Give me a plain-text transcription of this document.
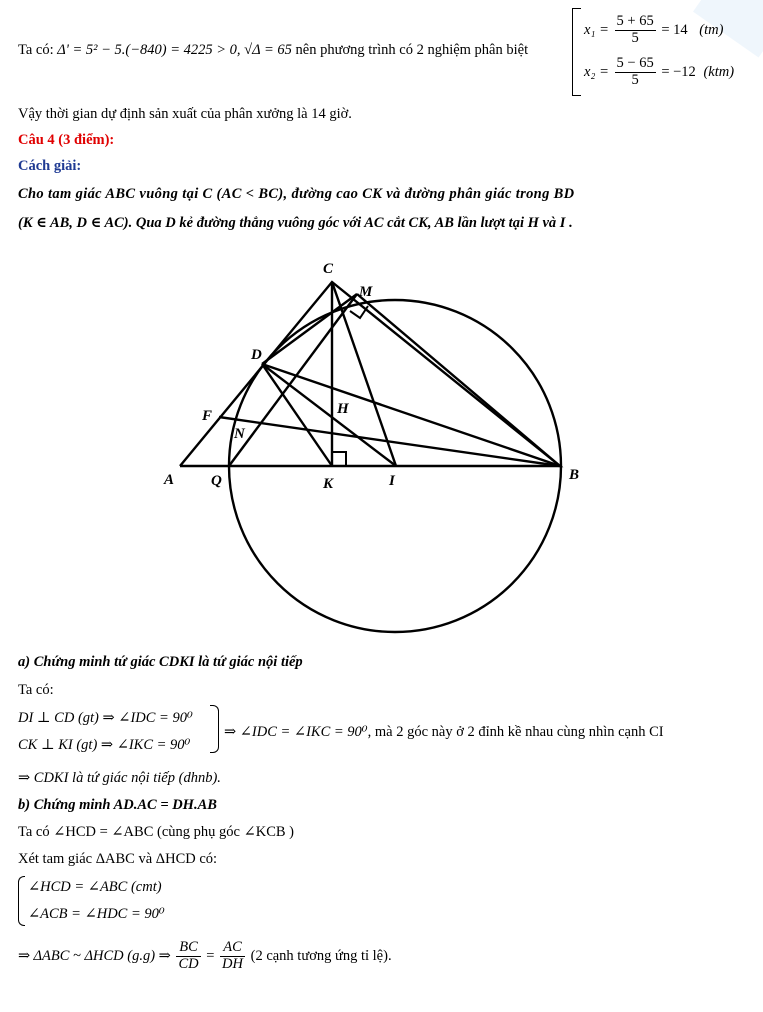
Ta có: Δ' = 5² − 5.(−840) = 4225 > 0, √Δ = 65 nên phương trình có 2 nghiệm phân biệt
$x_1 = \frac{5 + 65}{5} = 14$ (tm)
$x_2 = \frac{5 - 65}{5} = -12$ (ktm)
Vậy thời gian dự định sản xuất của phân xưởng là 14 giờ.
Câu 4 (3 điểm):
Cách giải:
Cho tam giác ABC vuông tại C (AC < BC), đường cao CK và đường phân giác trong BD
(K ∈ AB, D ∈ AC). Qua D kẻ đường thẳng vuông góc với AC cắt CK, AB lần lượt tại H và I .
C
M
D
H
F
N
A Q	K	I	B
a) Chứng minh tứ giác CDKI là tứ giác nội tiếp
Ta có:
DI ⊥ CD (gt) ⇒ ∠IDC = 90⁰
CK ⊥ KI (gt) ⇒ ∠IKC = 90⁰
⇒ ∠IDC = ∠IKC = 90⁰, mà 2 góc này ở 2 đỉnh kề nhau cùng nhìn cạnh CI
⇒ CDKI là tứ giác nội tiếp (dhnb).
b) Chứng minh AD.AC = DH.AB
Ta có ∠HCD = ∠ABC (cùng phụ góc ∠KCB )
Xét tam giác ΔABC và ΔHCD có:
∠HCD = ∠ABC (cmt)
∠ACB = ∠HDC = 90⁰
⇒ ΔABC ~ ΔHCD (g.g) ⇒ $\frac{BC}{CD} = \frac{AC}{DH} (2$ cạnh tương ứng tỉ lệ).
